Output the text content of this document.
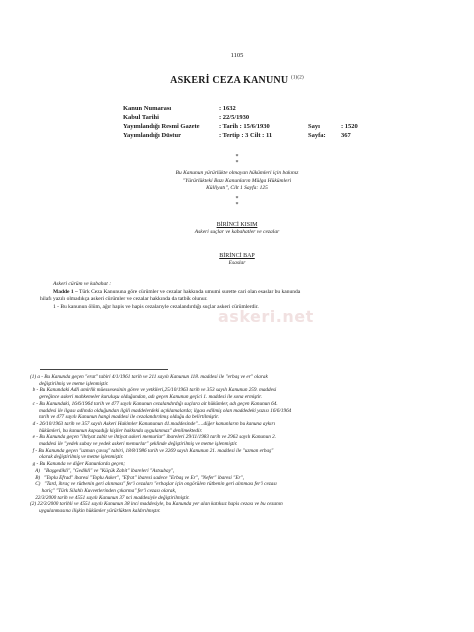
1105
ASKERİ CEZA KANUNU $^{(1)(2)}$
Kanun Numarası	: 1632
Kabul Tarihi	: 22/5/1930
Yayımlandığı Resmî Gazete	: Tarih : 15/6/1930	Sayı	: 1520
Yayımlandığı Düstur	: Tertip : 3 Cilt : 11	Sayfa: 367
*
*
Bu Kanunun yürürlükte olmayan hükümleri için bakınız
"Yürürlükteki Bazı Kanunların Mülga Hükümleri
Külliyatı", Cilt 1 Sayfa: 125
*
*
BİRİNCİ KISIM
Askeri suçlar ve kabahatler ve cezalar
BİRİNCİ BAP
Esaslar
Askeri cürüm ve kabahat :
Madde 1 – Türk Ceza Kanununa göre cürümler ve cezalar hakkında umumi surette cari olan esaslar bu kanunda
hilafı yazılı olmadıkça askeri cürümler ve cezalar hakkında da tatbik olunur.
1 - Bu kanunun ölüm, ağır hapis ve hapis cezalarıyle cezalandırdığı suçlar askeri cürümlerdir.
askeri.net
(1) a - Bu Kanunda geçen "erat" tabiri 4/1/1961 tarih ve 211 sayılı Kanunun 118. maddesi ile "erbaş ve er" olarak
değiştirilmiş ve metne işlenmiştir.
b - Bu Kanundaki Adli amirlik müessesesinin görev ve yetkileri,25/10/1963 tarih ve 353 sayılı Kanunun 259. maddesi
gereğince askeri mahkemeler kuruluşu olduğundan, adı geçen Kanunun geçici 1. maddesi ile sona ermiştir.
c - Bu Kanundaki, 16/6/1964 tarih ve 477 sayılı Kanunun cezalandırdığı suçlara ait hükümler, adı geçen Kanunun 64.
maddesi ile ilgası adlında olduğundan ilgili maddelerdeki açıklamalarda; ilgası edilmiş olan maddedeki yazısı 16/6/1964
tarih ve 477 sayılı Kanunun hangi maddesi ile cezalandırılmış olduğu da belirtilmiştir.
d - 26/10/1963 tarih ve 357 sayılı Askeri Hakimler Kanununun 41.maddesinde"….diğer kanunların bu kanuna aykırı
hükümleri, bu kanunun kapsadığı kişiler hakkında uygulanmaz" denilmektedir.
e - Bu Kanunda geçen "ihtiyat zabit ve ihtiyat askeri memurlar" ibareleri 29/11/1983 tarih ve 2962 sayılı Kanunun 2.
maddesi ile "yedek subay ve yedek askeri memurlar" şeklinde değiştirilmiş ve metne işlenmiştir.
f - Bu Kanunda geçen "uzman çavuş" tabiri, 18/8/1986 tarih ve 3269 sayılı Kanunun 21. maddesi ile "uzman erbaş"
olarak değiştirilmiş ve metne işlenmiştir.
g - Bu Kanunda ve diğer Kanunlarda geçen;
A)   "Başgedikli", "Gedikli" ve "Küçük Zabit" ibareleri "Astsubay",
B)   "Toplu Efrad" ibaresi "Toplu Asker", "Efrat" ibaresi sadece "Erbaş ve Er", "Nefer" ibaresi "Er",
C)   "Tard, ihraç ve rütbenin geri alınması" fer'i cezaları "erbaşlar için ongörülen rütbenin geri alınması fer'i cezası
hariç" "Türk Silahlı Kuvvetlerinden çıkarma" fer'i cezası olarak,
22/3/2000 tarih ve 4551 sayılı Kanunun 37 nci maddesiyle değiştirilmiştir.
(2) 22/3/2000 tarihli ve 4551 sayılı Kanunun 38 inci maddesiyle, bu Kanunda yer alan katıksız hapis cezası ve bu cezanın
uygulanmasına ilişkin hükümler yürürlükten kaldırılmıştır.
